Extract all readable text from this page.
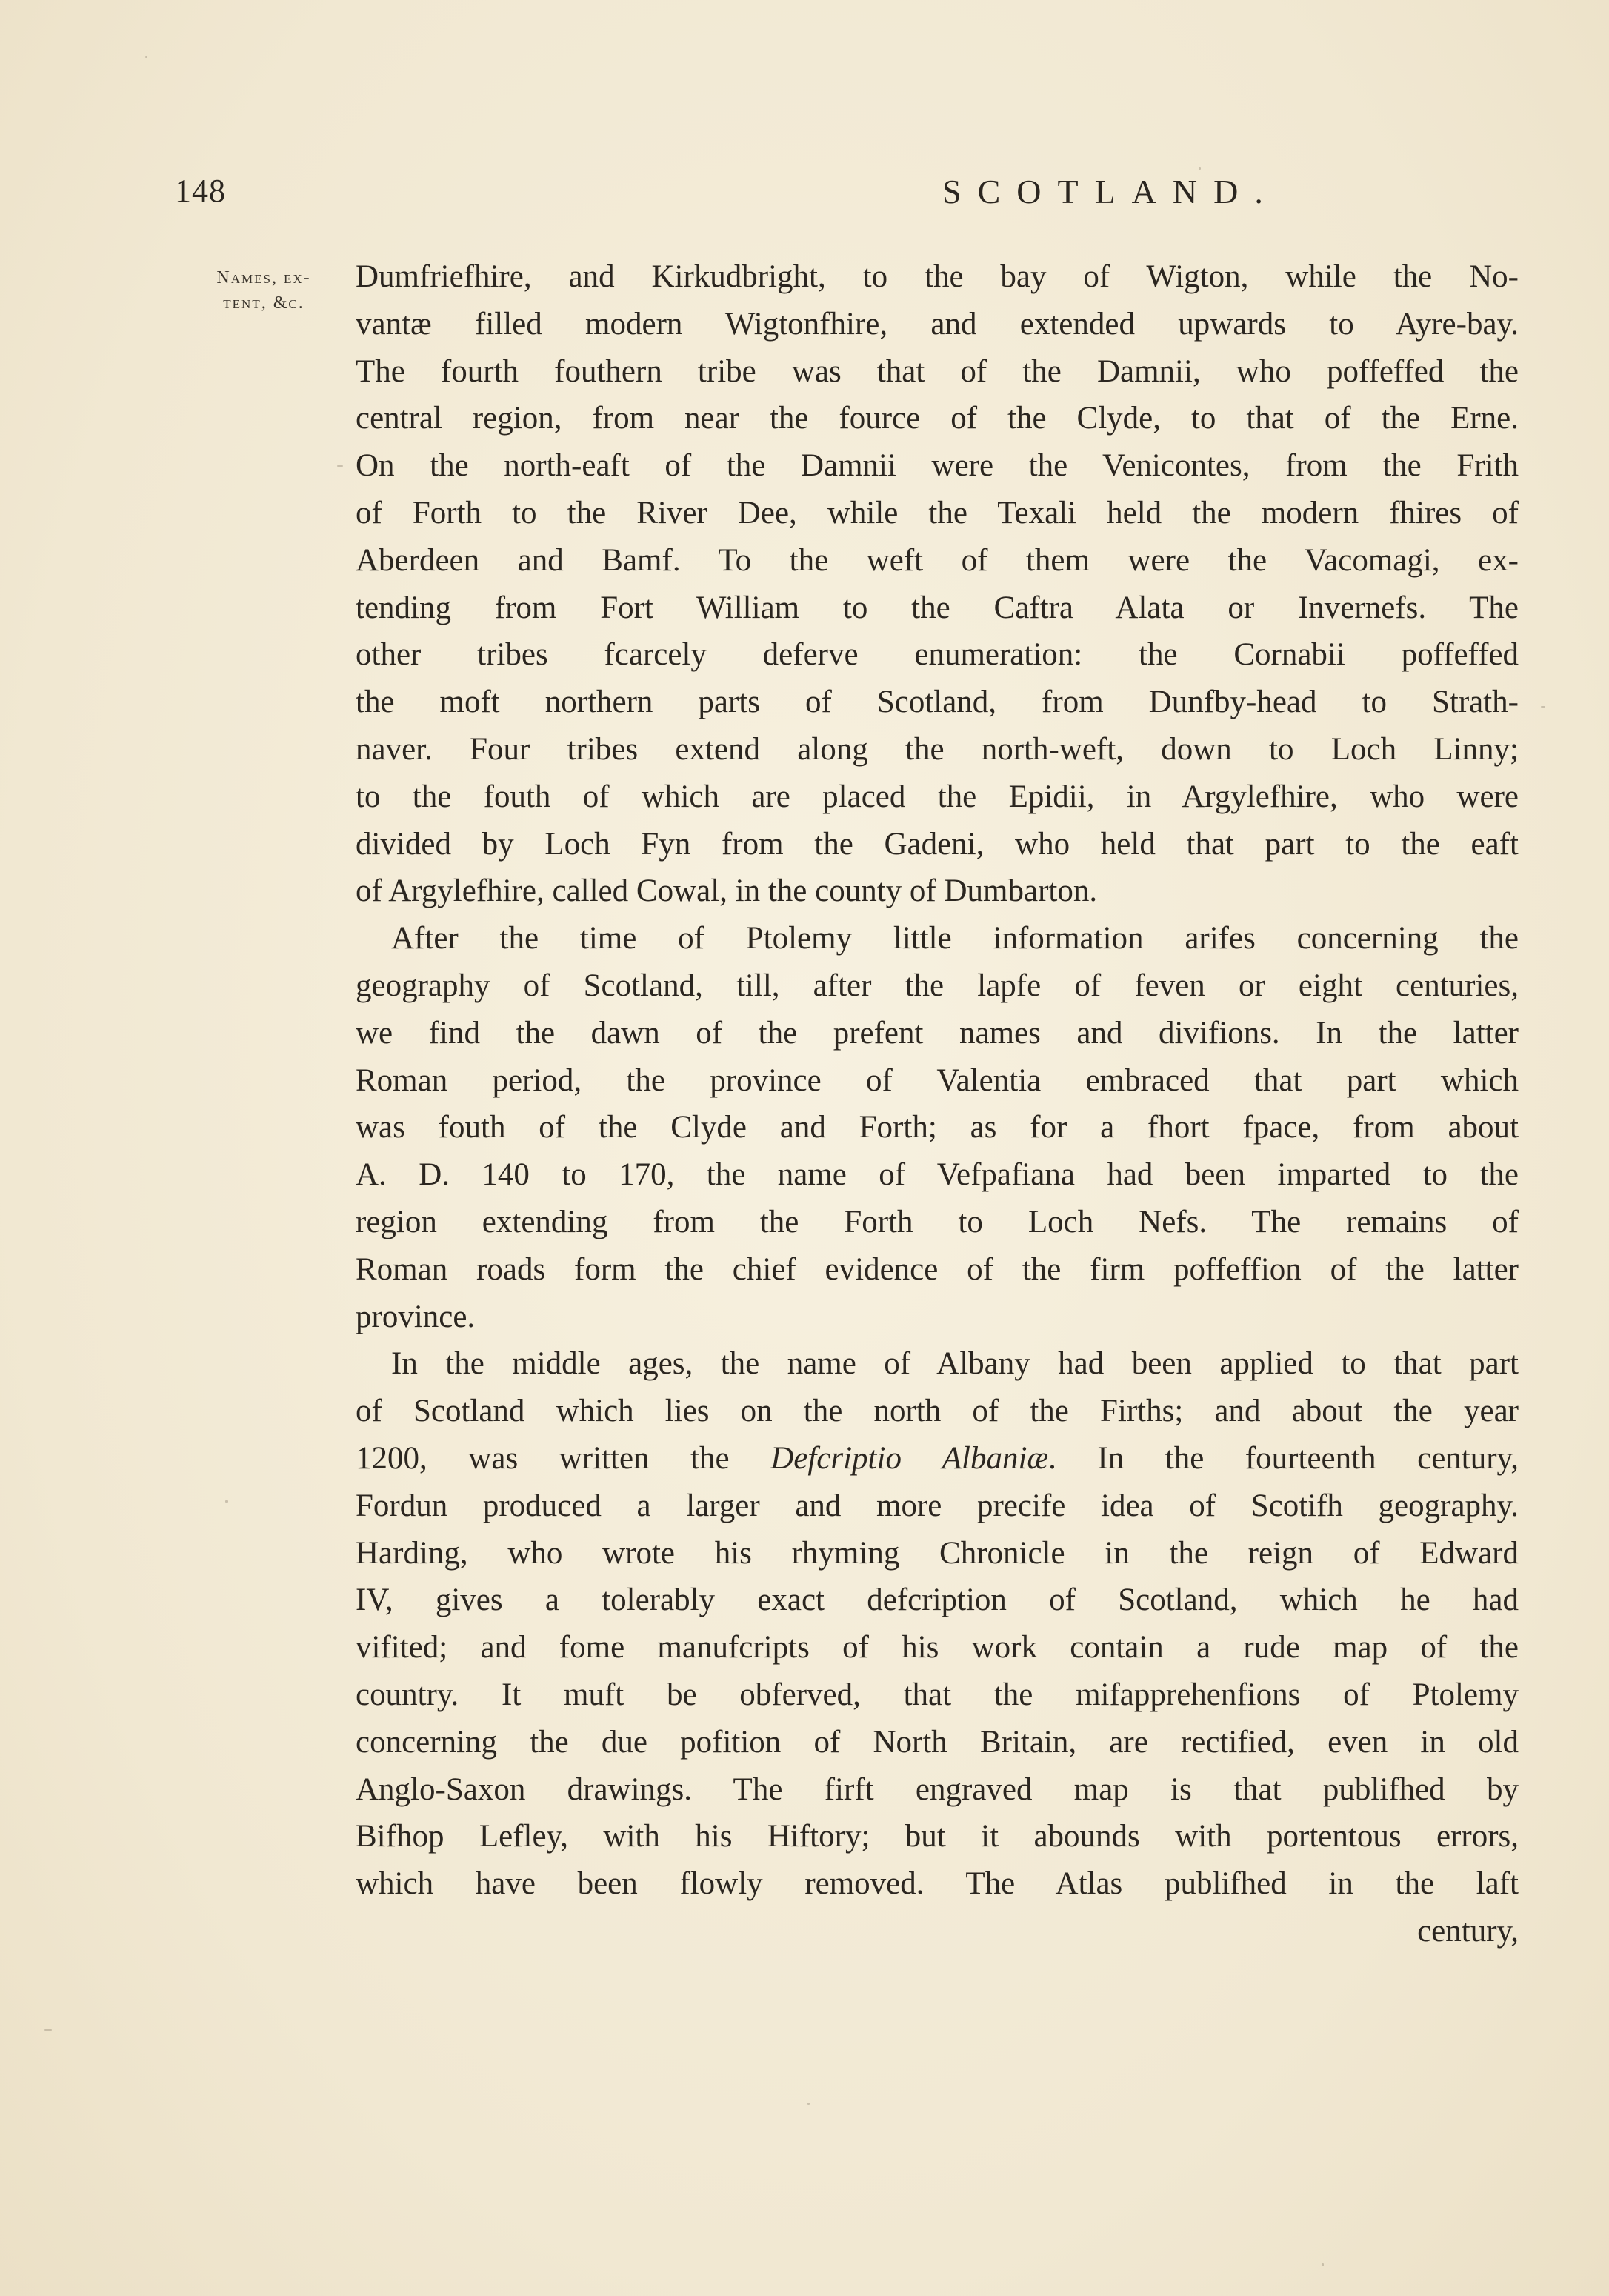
148	SCOTLAND.
Names, ex-
tent, &c.
Dumfriefhire, and Kirkudbright, to the bay of Wigton, while the No-
vantæ filled modern Wigtonfhire, and extended upwards to Ayre-bay.
The fourth fouthern tribe was that of the Damnii, who poffeffed the
central region, from near the fource of the Clyde, to that of the Erne.
On the north-eaft of the Damnii were the Venicontes, from the Frith
of Forth to the River Dee, while the Texali held the modern fhires of
Aberdeen and Bamf. To the weft of them were the Vacomagi, ex-
tending from Fort William to the Caftra Alata or Invernefs. The
other tribes fcarcely deferve enumeration: the Cornabii poffeffed
the moft northern parts of Scotland, from Dunfby-head to Strath-
naver. Four tribes extend along the north-weft, down to Loch Linny;
to the fouth of which are placed the Epidii, in Argylefhire, who were
divided by Loch Fyn from the Gadeni, who held that part to the eaft
of Argylefhire, called Cowal, in the county of Dumbarton.
After the time of Ptolemy little information arifes concerning the
geography of Scotland, till, after the lapfe of feven or eight centuries,
we find the dawn of the prefent names and divifions. In the latter
Roman period, the province of Valentia embraced that part which
was fouth of the Clyde and Forth; as for a fhort fpace, from about
A. D. 140 to 170, the name of Vefpafiana had been imparted to the
region extending from the Forth to Loch Nefs. The remains of
Roman roads form the chief evidence of the firm poffeffion of the latter
province.
In the middle ages, the name of Albany had been applied to that part
of Scotland which lies on the north of the Firths; and about the year
1200, was written the Defcriptio Albaniæ. In the fourteenth century,
Fordun produced a larger and more precife idea of Scotifh geography.
Harding, who wrote his rhyming Chronicle in the reign of Edward
IV, gives a tolerably exact defcription of Scotland, which he had
vifited; and fome manufcripts of his work contain a rude map of the
country. It muft be obferved, that the mifapprehenfions of Ptolemy
concerning the due pofition of North Britain, are rectified, even in old
Anglo-Saxon drawings. The firft engraved map is that publifhed by
Bifhop Lefley, with his Hiftory; but it abounds with portentous errors,
which have been flowly removed. The Atlas publifhed in the laft
century,
